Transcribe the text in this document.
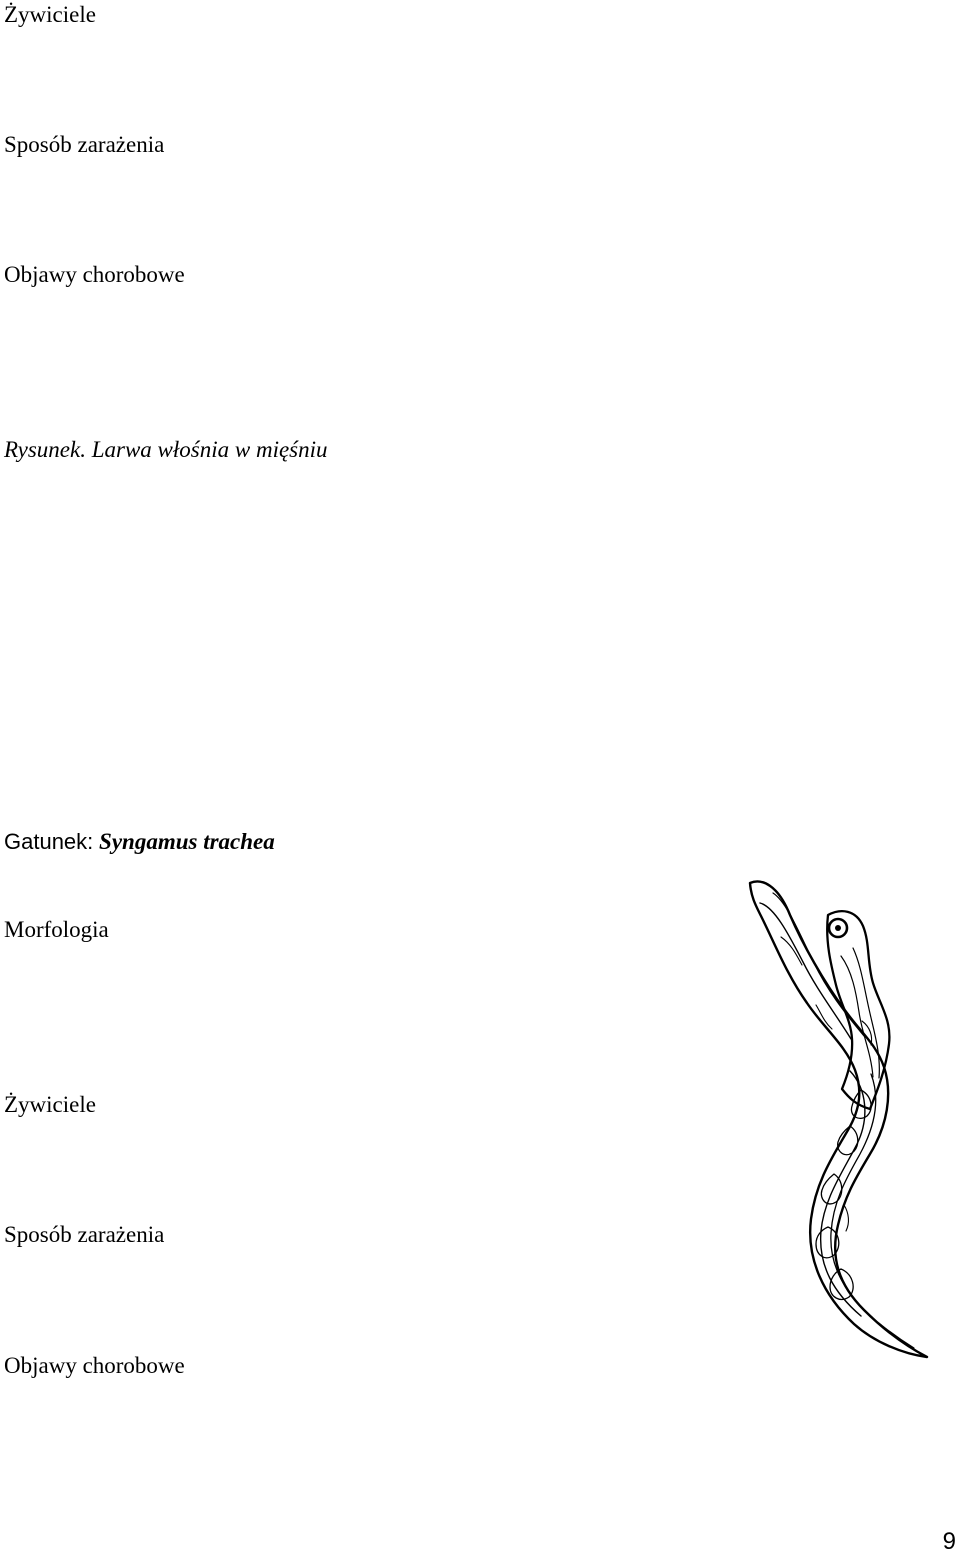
Żywiciele
Sposób zarażenia
Objawy chorobowe
Rysunek. Larwa włośnia w mięśniu
Gatunek: Syngamus trachea
Morfologia
Żywiciele
Sposób zarażenia
Objawy chorobowe
9
